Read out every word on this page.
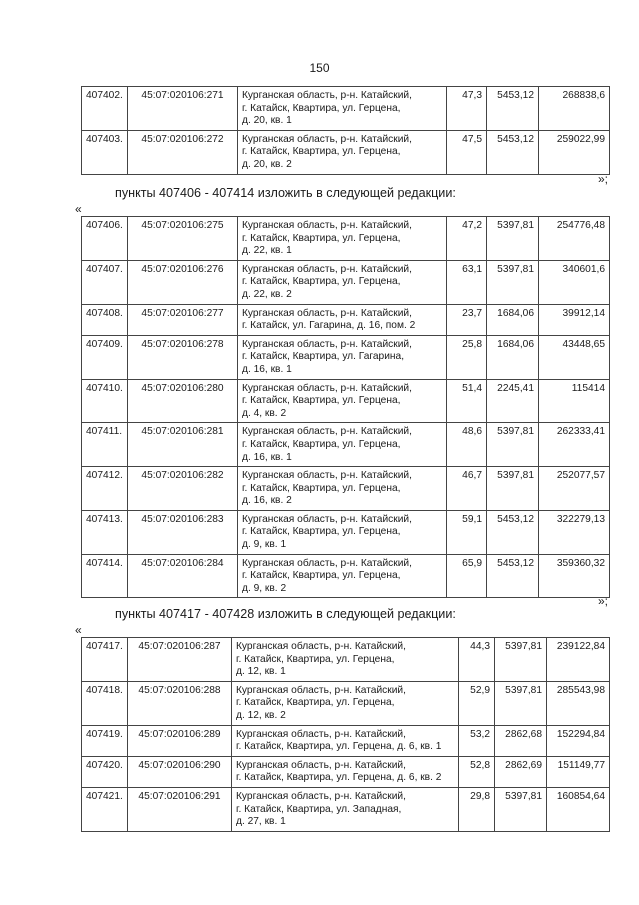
150
407402.	45:07:020106:271	Курганская область, р-н. Катайский,
г. Катайск, Квартира, ул. Герцена,
д. 20, кв. 1	47,3	5453,12	268838,6
407403.	45:07:020106:272	Курганская область, р-н. Катайский,
г. Катайск, Квартира, ул. Герцена,
д. 20, кв. 2	47,5	5453,12	259022,99
»;
пункты 407406 - 407414 изложить в следующей редакции:
«
407406.	45:07:020106:275	Курганская область, р-н. Катайский,
г. Катайск, Квартира, ул. Герцена,
д. 22, кв. 1	47,2	5397,81	254776,48
407407.	45:07:020106:276	Курганская область, р-н. Катайский,
г. Катайск, Квартира, ул. Герцена,
д. 22, кв. 2	63,1	5397,81	340601,6
407408.	45:07:020106:277	Курганская область, р-н. Катайский,
г. Катайск, ул. Гагарина, д. 16, пом. 2	23,7	1684,06	39912,14
407409.	45:07:020106:278	Курганская область, р-н. Катайский,
г. Катайск, Квартира, ул. Гагарина,
д. 16, кв. 1	25,8	1684,06	43448,65
407410.	45:07:020106:280	Курганская область, р-н. Катайский,
г. Катайск, Квартира, ул. Герцена,
д. 4, кв. 2	51,4	2245,41	115414
407411.	45:07:020106:281	Курганская область, р-н. Катайский,
г. Катайск, Квартира, ул. Герцена,
д. 16, кв. 1	48,6	5397,81	262333,41
407412.	45:07:020106:282	Курганская область, р-н. Катайский,
г. Катайск, Квартира, ул. Герцена,
д. 16, кв. 2	46,7	5397,81	252077,57
407413.	45:07:020106:283	Курганская область, р-н. Катайский,
г. Катайск, Квартира, ул. Герцена,
д. 9, кв. 1	59,1	5453,12	322279,13
407414.	45:07:020106:284	Курганская область, р-н. Катайский,
г. Катайск, Квартира, ул. Герцена,
д. 9, кв. 2	65,9	5453,12	359360,32
»;
пункты 407417 - 407428 изложить в следующей редакции:
«
407417.	45:07:020106:287	Курганская область, р-н. Катайский,
г. Катайск, Квартира, ул. Герцена,
д. 12, кв. 1	44,3	5397,81	239122,84
407418.	45:07:020106:288	Курганская область, р-н. Катайский,
г. Катайск, Квартира, ул. Герцена,
д. 12, кв. 2	52,9	5397,81	285543,98
407419.	45:07:020106:289	Курганская область, р-н. Катайский,
г. Катайск, Квартира, ул. Герцена, д. 6, кв. 1	53,2	2862,68	152294,84
407420.	45:07:020106:290	Курганская область, р-н. Катайский,
г. Катайск, Квартира, ул. Герцена, д. 6, кв. 2	52,8	2862,69	151149,77
407421.	45:07:020106:291	Курганская область, р-н. Катайский,
г. Катайск, Квартира, ул. Западная,
д. 27, кв. 1	29,8	5397,81	160854,64
